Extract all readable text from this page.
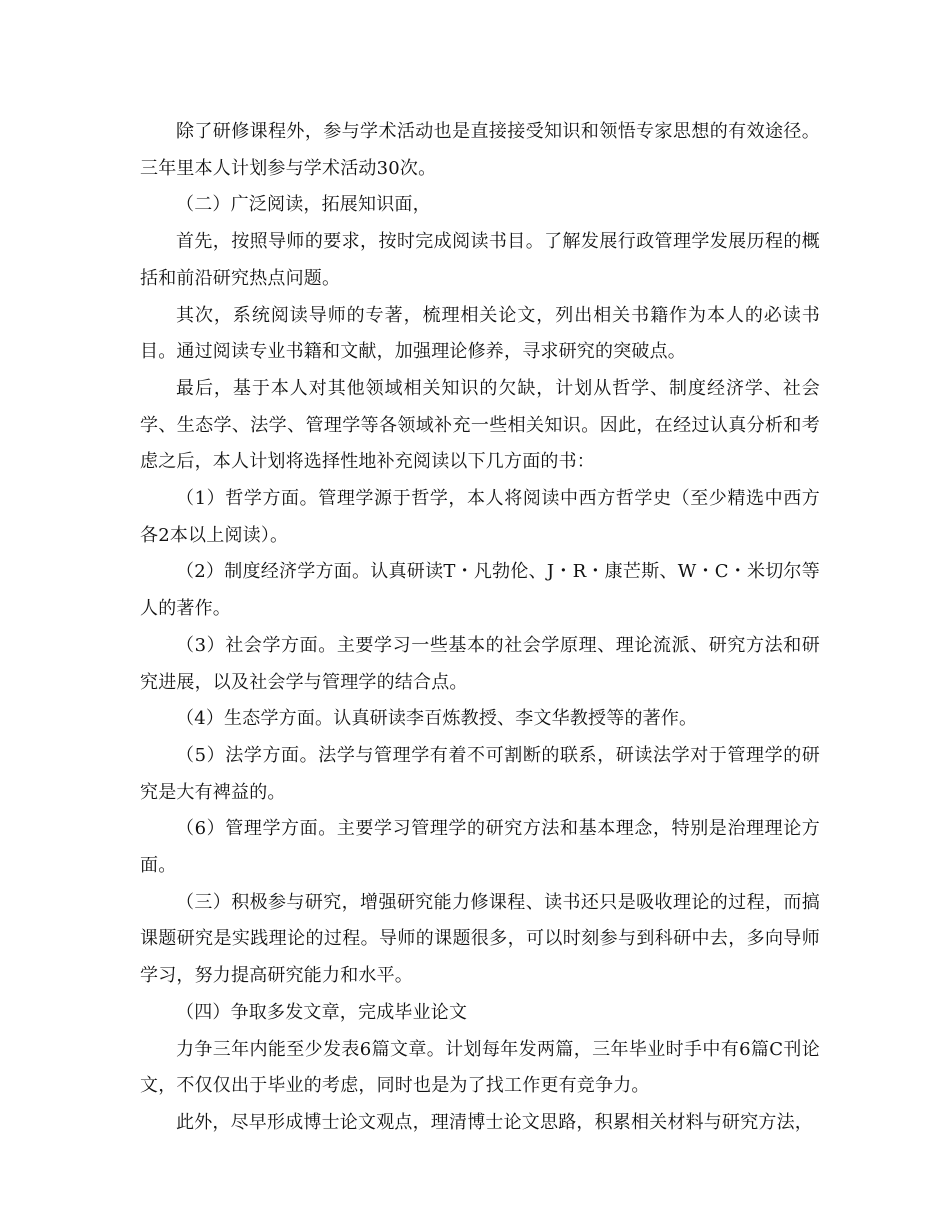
除了研修课程外，参与学术活动也是直接接受知识和领悟专家思想的有效途径。三年里本人计划参与学术活动30次。

（二）广泛阅读，拓展知识面，

首先，按照导师的要求，按时完成阅读书目。了解发展行政管理学发展历程的概括和前沿研究热点问题。

其次，系统阅读导师的专著，梳理相关论文，列出相关书籍作为本人的必读书目。通过阅读专业书籍和文献，加强理论修养，寻求研究的突破点。

最后，基于本人对其他领域相关知识的欠缺，计划从哲学、制度经济学、社会学、生态学、法学、管理学等各领域补充一些相关知识。因此，在经过认真分析和考虑之后，本人计划将选择性地补充阅读以下几方面的书：

（1）哲学方面。管理学源于哲学，本人将阅读中西方哲学史（至少精选中西方各2本以上阅读）。

（2）制度经济学方面。认真研读T・凡勃伦、J・R・康芒斯、W・C・米切尔等人的著作。

（3）社会学方面。主要学习一些基本的社会学原理、理论流派、研究方法和研究进展，以及社会学与管理学的结合点。

（4）生态学方面。认真研读李百炼教授、李文华教授等的著作。

（5）法学方面。法学与管理学有着不可割断的联系，研读法学对于管理学的研究是大有裨益的。

（6）管理学方面。主要学习管理学的研究方法和基本理念，特别是治理理论方面。

（三）积极参与研究，增强研究能力修课程、读书还只是吸收理论的过程，而搞课题研究是实践理论的过程。导师的课题很多，可以时刻参与到科研中去，多向导师学习，努力提高研究能力和水平。

（四）争取多发文章，完成毕业论文

力争三年内能至少发表6篇文章。计划每年发两篇，三年毕业时手中有6篇C刊论文，不仅仅出于毕业的考虑，同时也是为了找工作更有竞争力。

此外，尽早形成博士论文观点，理清博士论文思路，积累相关材料与研究方法，
